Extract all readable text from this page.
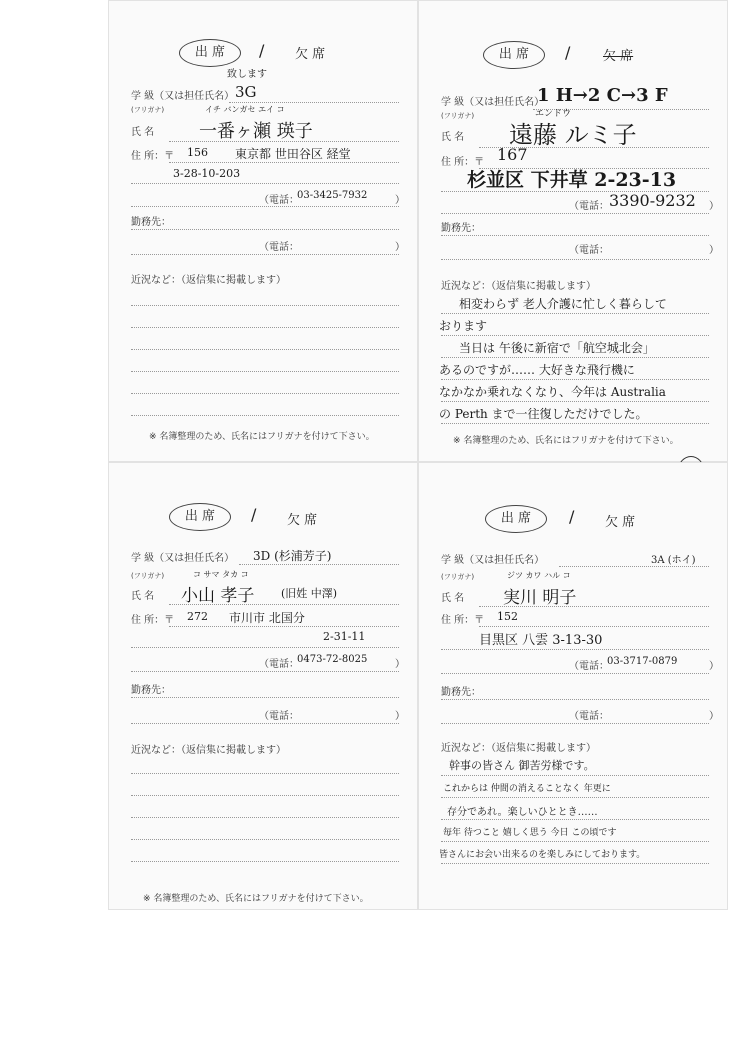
出 席	/ 欠 席
致します
学 級（又は担任氏名） 3G
(フリガナ)	イチ バンガセ エイ コ
氏 名 一番ヶ瀬 瑛子
住 所：〒 156 東京都 世田谷区 経堂
3-28-10-203
（電話：
03-3425-7932	）
勤務先：
（電話：	）
近況など：（返信集に掲載します）
※ 名簿整理のため、氏名にはフリガナを付けて下さい。
出 席	/	欠 席
学 級（又は担任氏名）
1 H→2 C→3 F
(フリガナ)	エンドウ
氏 名 遠藤 ルミ子
住 所：〒 167
杉並区 下井草 2-23-13
（電話： 3390-9232 ）
勤務先：
（電話：	）
近況など：（返信集に掲載します）
相変わらず 老人介護に忙しく暮らして
おります
当日は 午後に新宿で「航空城北会」
あるのですが…… 大好きな飛行機に
なかなか乗れなくなり、今年は Australia
の Perth まで一往復しただけでした。
※ 名簿整理のため、氏名にはフリガナを付けて下さい。
出 席	/ 欠 席
学 級（又は担任氏名） 3D (杉浦芳子)
(フリガナ)	コ サマ タカ コ
氏 名 小山 孝子 (旧姓 中澤)
住 所：〒 272 市川市 北国分
2-31-11
（電話：
0473-72-8025	）
勤務先：
（電話：	）
近況など：（返信集に掲載します）
※ 名簿整理のため、氏名にはフリガナを付けて下さい。
出 席	/ 欠 席
学 級（又は担任氏名）	3A (ホイ)
(フリガナ)	ジツ カワ ハル コ
氏 名 実川 明子
住 所：〒 152
目黒区 八雲 3-13-30
（電話：
03-3717-0879	）
勤務先：
（電話：	）
近況など：（返信集に掲載します）
幹事の皆さん 御苦労様です。
これからは 仲間の消えることなく 年更に
存分であれ。楽しいひととき……
毎年 待つこと 嬉しく思う 今日 この頃です
皆さんにお会い出来るのを楽しみにしております。
